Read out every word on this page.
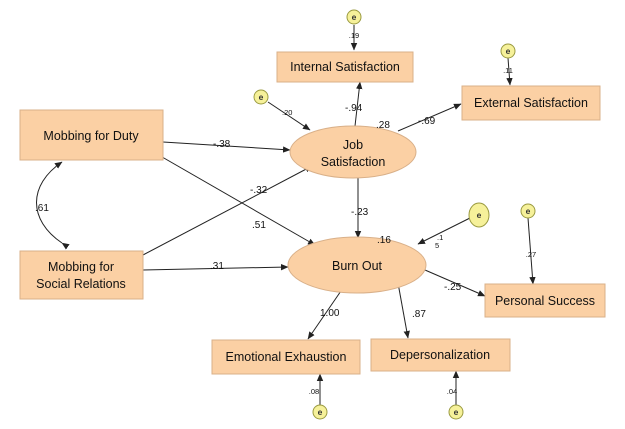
Mobbing for Duty
Mobbing for
Social Relations
Job
Satisfaction
Burn Out
Internal Satisfaction
External Satisfaction
Personal Success
Emotional Exhaustion	Depersonalization
e
e
e
e	e
e	e
-.38
-.32
.51
.31
.61	-.23
-.94
-.69
1.00	.87
-.25
.28
.16
.19
.11
.20
.1
5
.27
.08	.04
